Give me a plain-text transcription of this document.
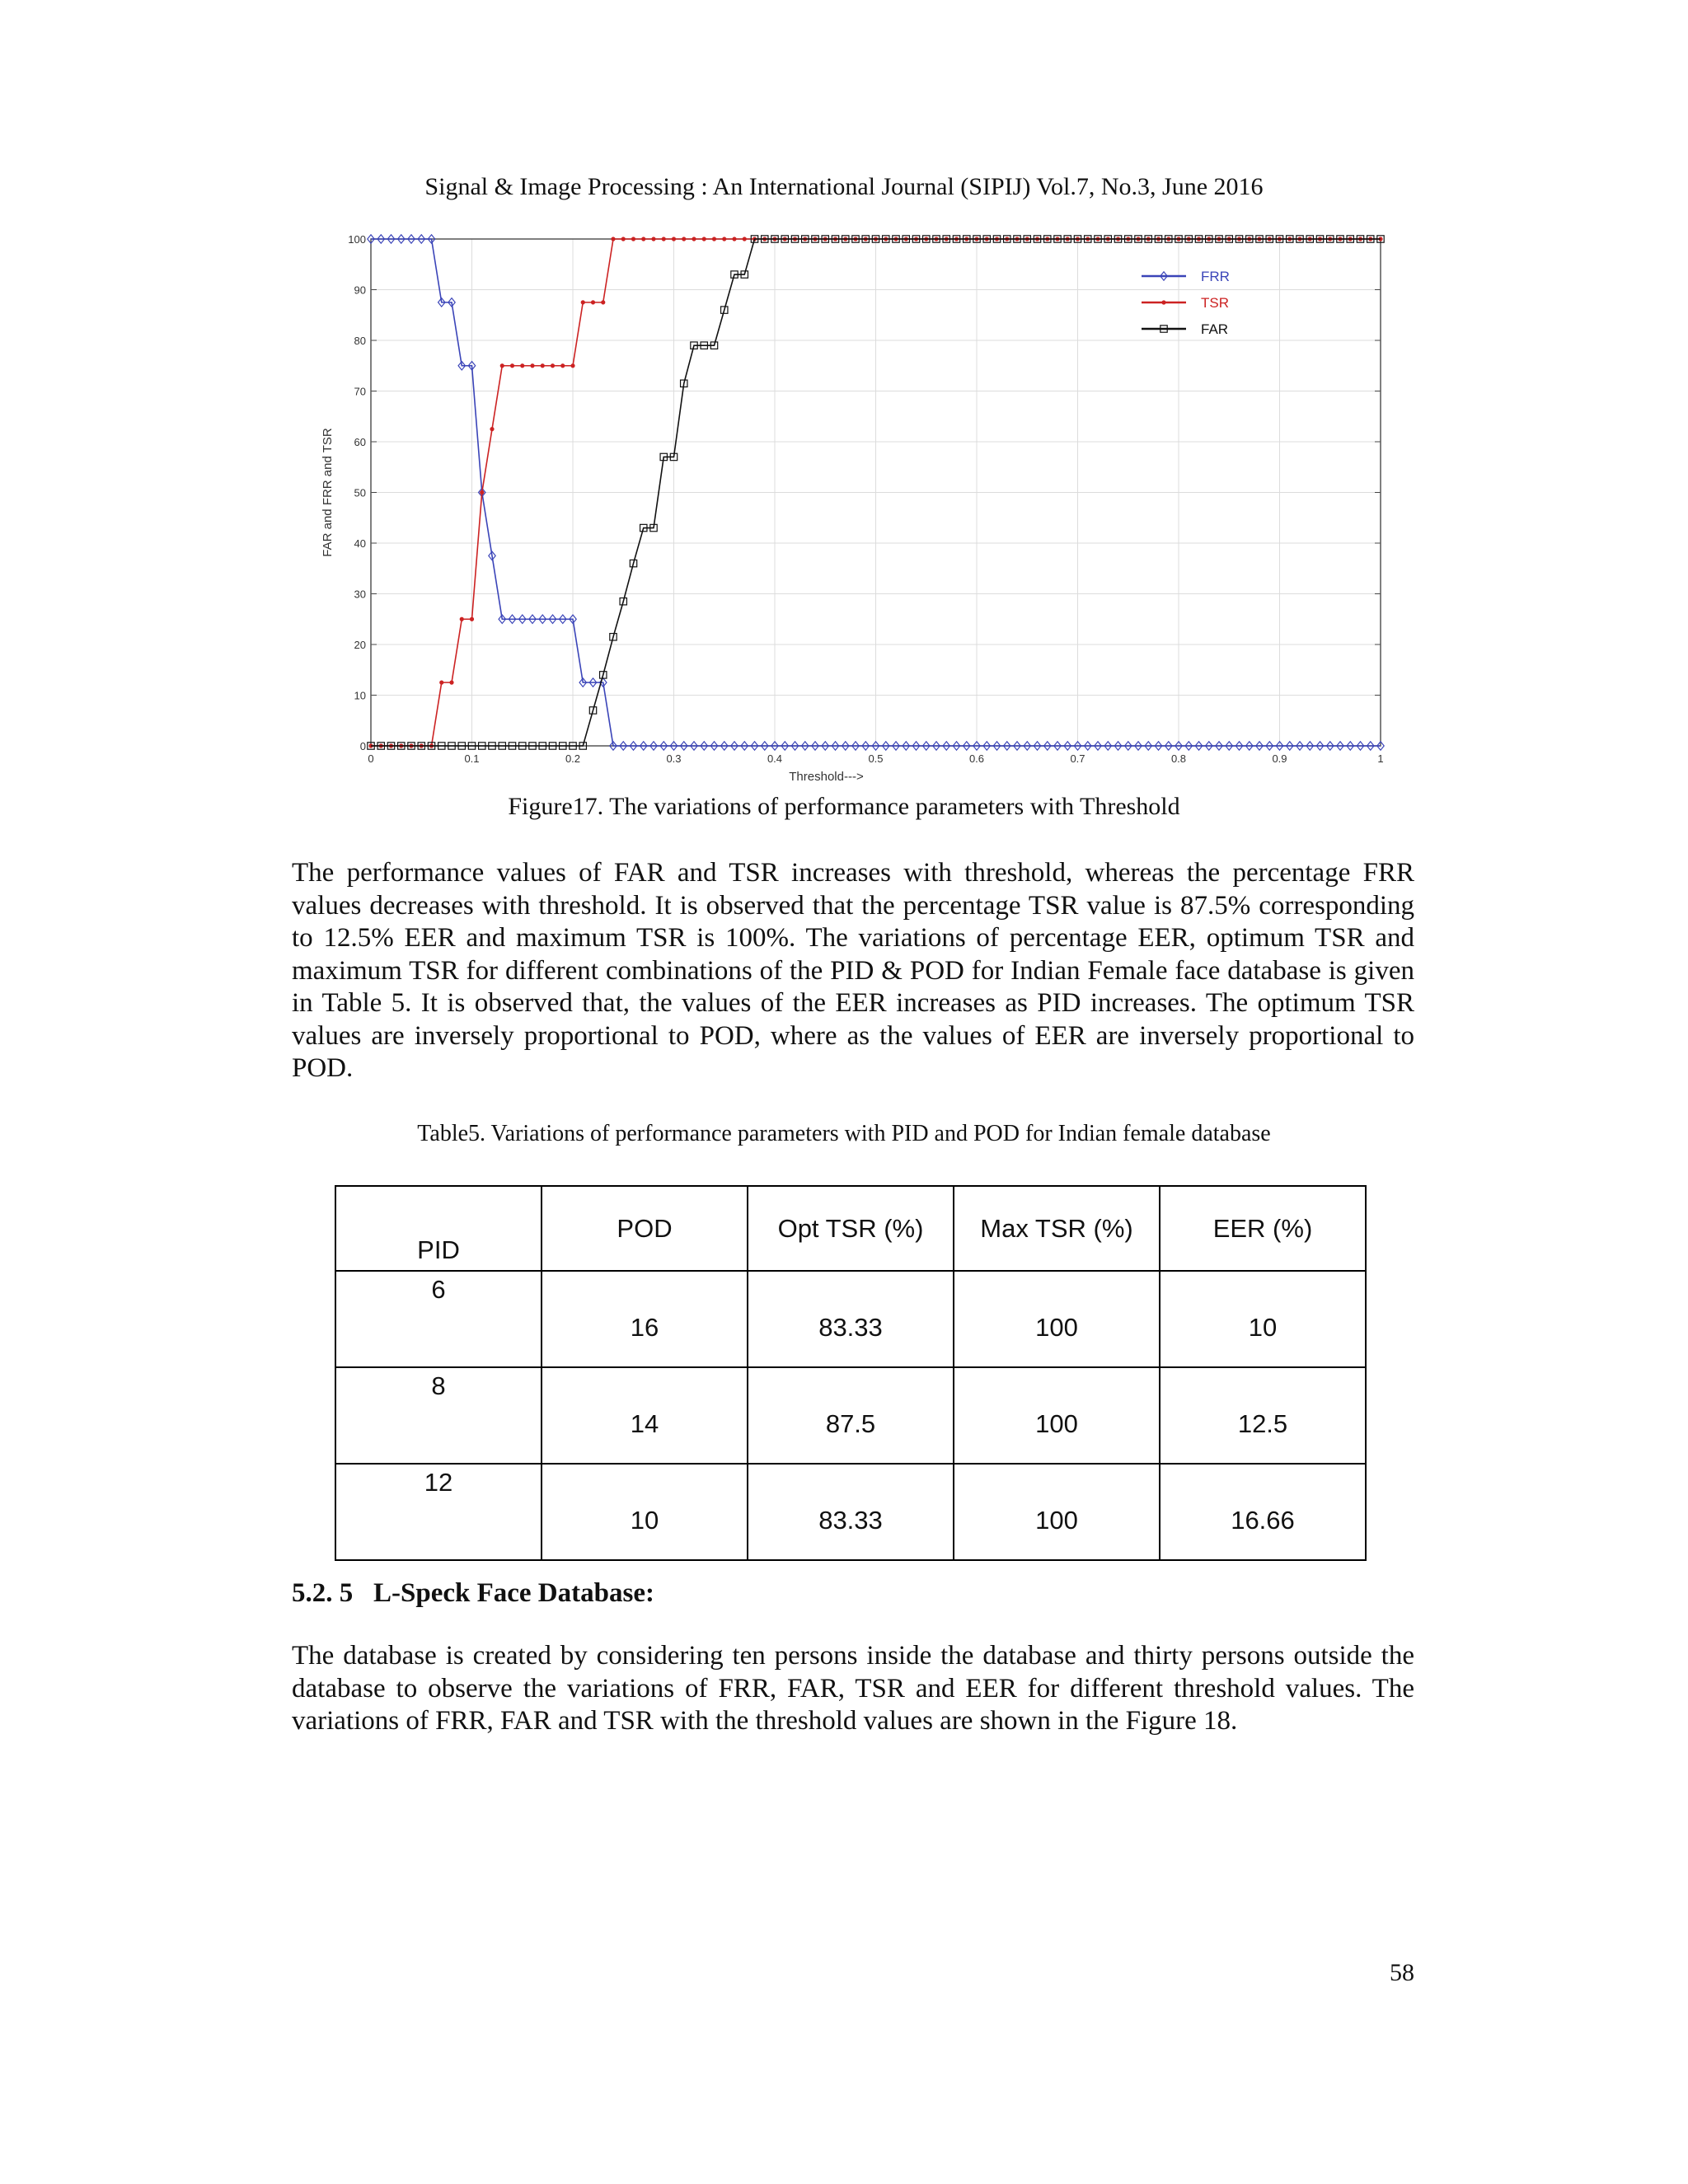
Signal & Image Processing : An International Journal (SIPIJ) Vol.7, No.3, June 2016
0	0.1	0.2	0.3	0.4	0.5	0.6	0.7	0.8	0.9	1
0
10
20
30
40
50
60
70
80
90
100
Threshold--->
FAR and FRR and TSR
FRR
TSR
FAR
Figure17. The variations of performance parameters with Threshold

The performance values of FAR and TSR increases with threshold, whereas the percentage FRR values decreases with threshold. It is observed that the percentage TSR value is 87.5% corresponding to 12.5% EER and maximum TSR is 100%. The variations of percentage EER, optimum TSR and maximum TSR for different combinations of the PID & POD for Indian Female face database is given in Table 5. It is observed that, the values of the EER increases as PID increases. The optimum TSR values are inversely proportional to POD, where as the values of EER are inversely proportional to POD.

Table5. Variations of performance parameters with PID and POD for Indian female database
PID	POD	Opt TSR (%)	Max TSR (%)	EER (%)
6	16	83.33	100	10
8	14	87.5	100	12.5
12	10	83.33	100	16.66
5.2. 5   L-Speck Face Database:

The database is created by considering ten persons inside the database and thirty persons outside the database to observe the variations of FRR, FAR, TSR and EER for different threshold values. The variations of FRR, FAR and TSR with the threshold values are shown in the Figure 18.

58
